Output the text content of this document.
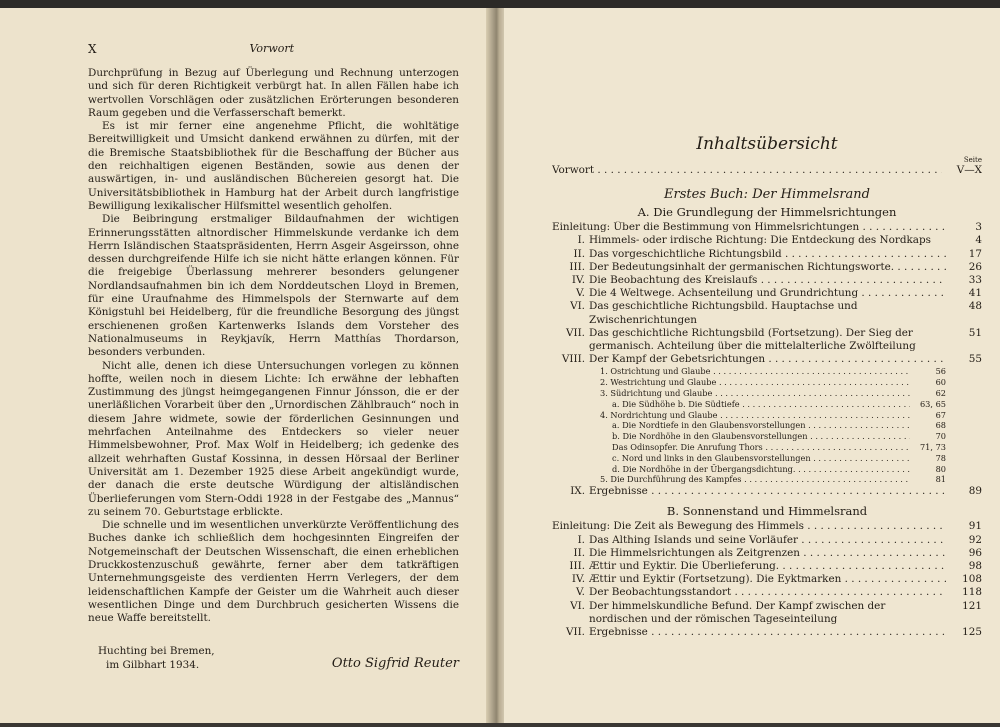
X	Vorwort

Durchprüfung in Bezug auf Überlegung und Rechnung unterzogen und sich für deren Richtigkeit verbürgt hat. In allen Fällen habe ich wertvollen Vorschlägen oder zusätzlichen Erörterungen besonderen Raum gegeben und die Verfasserschaft bemerkt.

Es ist mir ferner eine angenehme Pflicht, die wohltätige Bereitwilligkeit und Umsicht dankend erwähnen zu dürfen, mit der die Bremische Staatsbibliothek für die Beschaffung der Bücher aus den reichhaltigen eigenen Beständen, sowie aus denen der auswärtigen, in- und ausländischen Büchereien gesorgt hat. Die Universitätsbibliothek in Hamburg hat der Arbeit durch langfristige Bewilligung lexikalischer Hilfsmittel wesentlich geholfen.

Die Beibringung erstmaliger Bildaufnahmen der wichtigen Erinnerungsstätten altnordischer Himmelskunde verdanke ich dem Herrn Isländischen Staatspräsidenten, Herrn Asgeir Asgeirsson, ohne dessen durchgreifende Hilfe ich sie nicht hätte erlangen können. Für die freigebige Überlassung mehrerer besonders gelungener Nordlandsaufnahmen bin ich dem Norddeutschen Lloyd in Bremen, für eine Uraufnahme des Himmelspols der Sternwarte auf dem Königstuhl bei Heidelberg, für die freundliche Besorgung des jüngst erschienenen großen Kartenwerks Islands dem Vorsteher des Nationalmuseums in Reykjavík, Herrn Matthías Thordarson, besonders verbunden.

Nicht alle, denen ich diese Untersuchungen vorlegen zu können hoffte, weilen noch in diesem Lichte: Ich erwähne der lebhaften Zustimmung des jüngst heimgegangenen Finnur Jónsson, die er der unerläßlichen Vorarbeit über den „Urnordischen Zählbrauch“ noch in diesem Jahre widmete, sowie der förderlichen Gesinnungen und mehrfachen Anteilnahme des Entdeckers so vieler neuer Himmelsbewohner, Prof. Max Wolf in Heidelberg; ich gedenke des allzeit wehrhaften Gustaf Kossinna, in dessen Hörsaal der Berliner Universität am 1. Dezember 1925 diese Arbeit angekündigt wurde, der danach die erste deutsche Würdigung der altisländischen Überlieferungen vom Stern-Oddi 1928 in der Festgabe des „Mannus“ zu seinem 70. Geburtstage erblickte.

Die schnelle und im wesentlichen unverkürzte Veröffentlichung des Buches danke ich schließlich dem hochgesinnten Eingreifen der Notgemeinschaft der Deutschen Wissenschaft, die einen erheblichen Druckkostenzuschuß gewährte, ferner aber dem tatkräftigen Unternehmungsgeiste des verdienten Herrn Verlegers, der dem leidenschaftlichen Kampfe der Geister um die Wahrheit auch dieser wesentlichen Dinge und dem Durchbruch gesicherten Wissens die neue Waffe bereitstellt.

Huchting bei Bremen,
im Gilbhart 1934.	Otto Sigfrid Reuter
Inhaltsübersicht
Seite
Vorwort . . .	V—X
Erstes Buch: Der Himmelsrand
A. Die Grundlegung der Himmelsrichtungen
Einleitung: Über die Bestimmung von Himmelsrichtungen . . .	3
I. Himmels- oder irdische Richtung: Die Entdeckung des Nordkaps	4
II. Das vorgeschichtliche Richtungsbild . . .	17
III. Der Bedeutungsinhalt der germanischen Richtungsworte. . . .	26
IV. Die Beobachtung des Kreislaufs . . .	33
V. Die 4 Weltwege. Achsenteilung und Grundrichtung . . .	41
VI. Das geschichtliche Richtungsbild. Hauptachse und Zwischenrichtungen
48
VII. Das geschichtliche Richtungsbild (Fortsetzung). Der Sieg der germanisch. Achteilung über die mittelalterliche Zwölfteilung
51
VIII. Der Kampf der Gebetsrichtungen . . .	55
1. Ostrichtung und Glaube . . .	56
2. Westrichtung und Glaube . . .	60
3. Südrichtung und Glaube . . .	62
a. Die Südhöhe b. Die Südtiefe . . .	63, 65
4. Nordrichtung und Glaube . . .	67
a. Die Nordtiefe in den Glaubensvorstellungen . . .	68
b. Die Nordhöhe in den Glaubensvorstellungen . . .	70
Das Odinsopfer. Die Anrufung Thors . . .	71, 73
c. Nord und links in den Glaubensvorstellungen . . .	78
d. Die Nordhöhe in der Übergangsdichtung. . . .	80
5. Die Durchführung des Kampfes . . .	81
IX. Ergebnisse . . .	89
B. Sonnenstand und Himmelsrand
Einleitung: Die Zeit als Bewegung des Himmels . . .	91
I. Das Althing Islands und seine Vorläufer . . .	92
II. Die Himmelsrichtungen als Zeitgrenzen . . .	96
III. Ættir und Eyktir. Die Überlieferung. . . .	98
IV. Ættir und Eyktir (Fortsetzung). Die Eyktmarken . . .	108
V. Der Beobachtungsstandort . . .	118
VI. Der himmelskundliche Befund. Der Kampf zwischen der nordischen und der römischen Tageseinteilung
121
VII. Ergebnisse . . .	125
